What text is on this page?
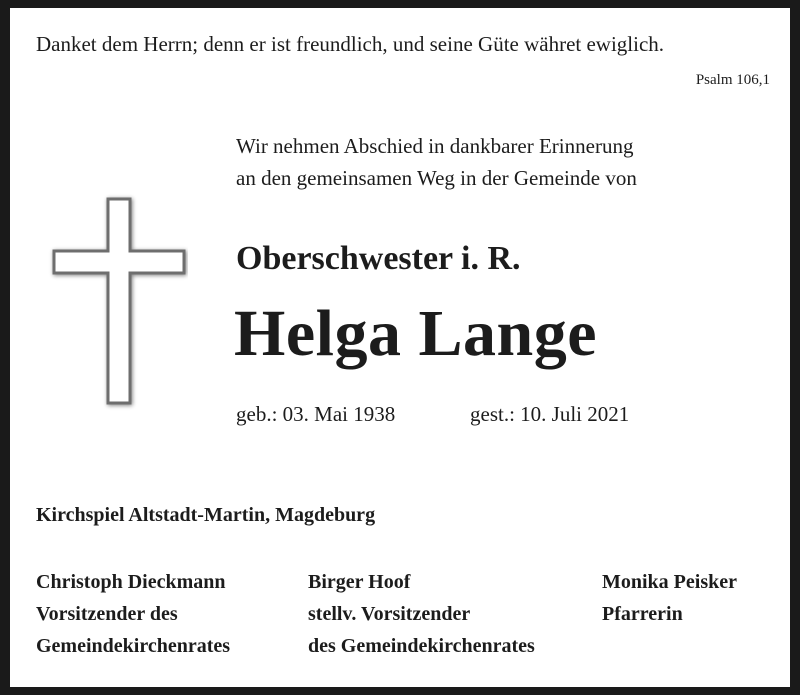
Danket dem Herrn; denn er ist freundlich, und seine Güte währet ewiglich.
Psalm 106,1
Wir nehmen Abschied in dankbarer Erinnerung
an den gemeinsamen Weg in der Gemeinde von
Oberschwester i. R.
Helga Lange
geb.: 03. Mai 1938	gest.: 10. Juli 2021
Kirchspiel Altstadt-Martin, Magdeburg
Christoph Dieckmann
Vorsitzender des
Gemeindekirchenrates
Birger Hoof
stellv. Vorsitzender
des Gemeindekirchenrates
Monika Peisker
Pfarrerin
